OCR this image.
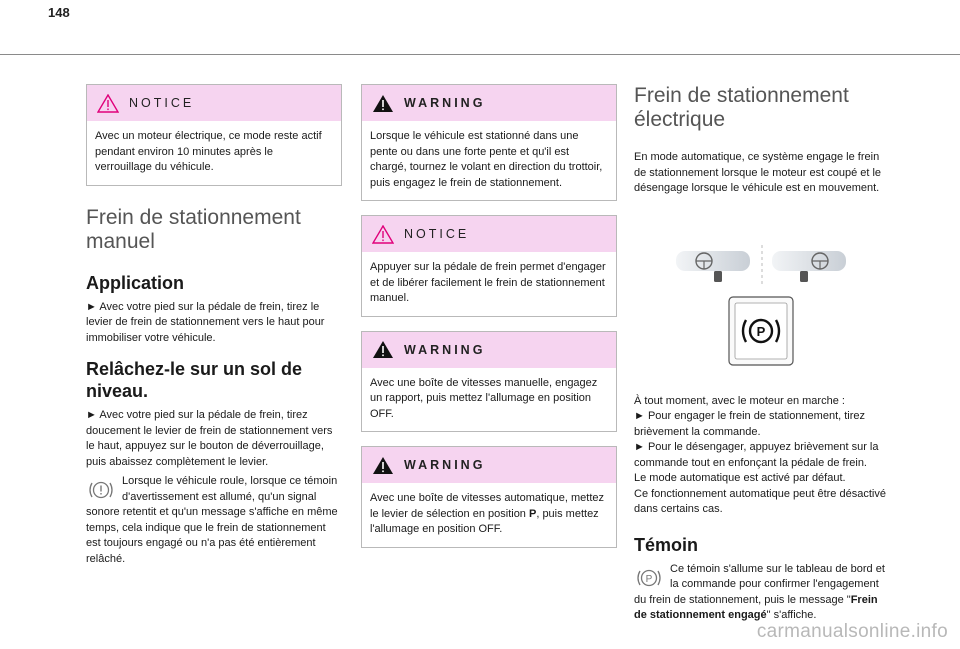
148
NOTICE
Avec un moteur électrique, ce mode reste actif pendant environ 10 minutes après le verrouillage du véhicule.
Frein de stationnement manuel
Application
► Avec votre pied sur la pédale de frein, tirez le levier de frein de stationnement vers le haut pour immobiliser votre véhicule.
Relâchez-le sur un sol de niveau.
► Avec votre pied sur la pédale de frein, tirez doucement le levier de frein de stationnement vers le haut, appuyez sur le bouton de déverrouillage, puis abaissez complètement le levier.
Lorsque le véhicule roule, lorsque ce témoin d'avertissement est allumé, qu'un signal sonore retentit et qu'un message s'affiche en même temps, cela indique que le frein de stationnement est toujours engagé ou n'a pas été entièrement relâché.
WARNING
Lorsque le véhicule est stationné dans une pente ou dans une forte pente et qu'il est chargé, tournez le volant en direction du trottoir, puis engagez le frein de stationnement.
NOTICE
Appuyer sur la pédale de frein permet d'engager et de libérer facilement le frein de stationnement manuel.
WARNING
Avec une boîte de vitesses manuelle, engagez un rapport, puis mettez l'allumage en position OFF.
WARNING
Avec une boîte de vitesses automatique, mettez le levier de sélection en position P, puis mettez l'allumage en position OFF.
Frein de stationnement électrique
En mode automatique, ce système engage le frein de stationnement lorsque le moteur est coupé et le désengage lorsque le véhicule est en mouvement.
P
À tout moment, avec le moteur en marche :
► Pour engager le frein de stationnement, tirez brièvement la commande.
► Pour le désengager, appuyez brièvement sur la commande tout en enfonçant la pédale de frein.
Le mode automatique est activé par défaut.
Ce fonctionnement automatique peut être désactivé dans certains cas.
Témoin
P
Ce témoin s'allume sur le tableau de bord et la commande pour confirmer l'engagement du frein de stationnement, puis le message "Frein de stationnement engagé" s'affiche.
carmanualsonline.info
